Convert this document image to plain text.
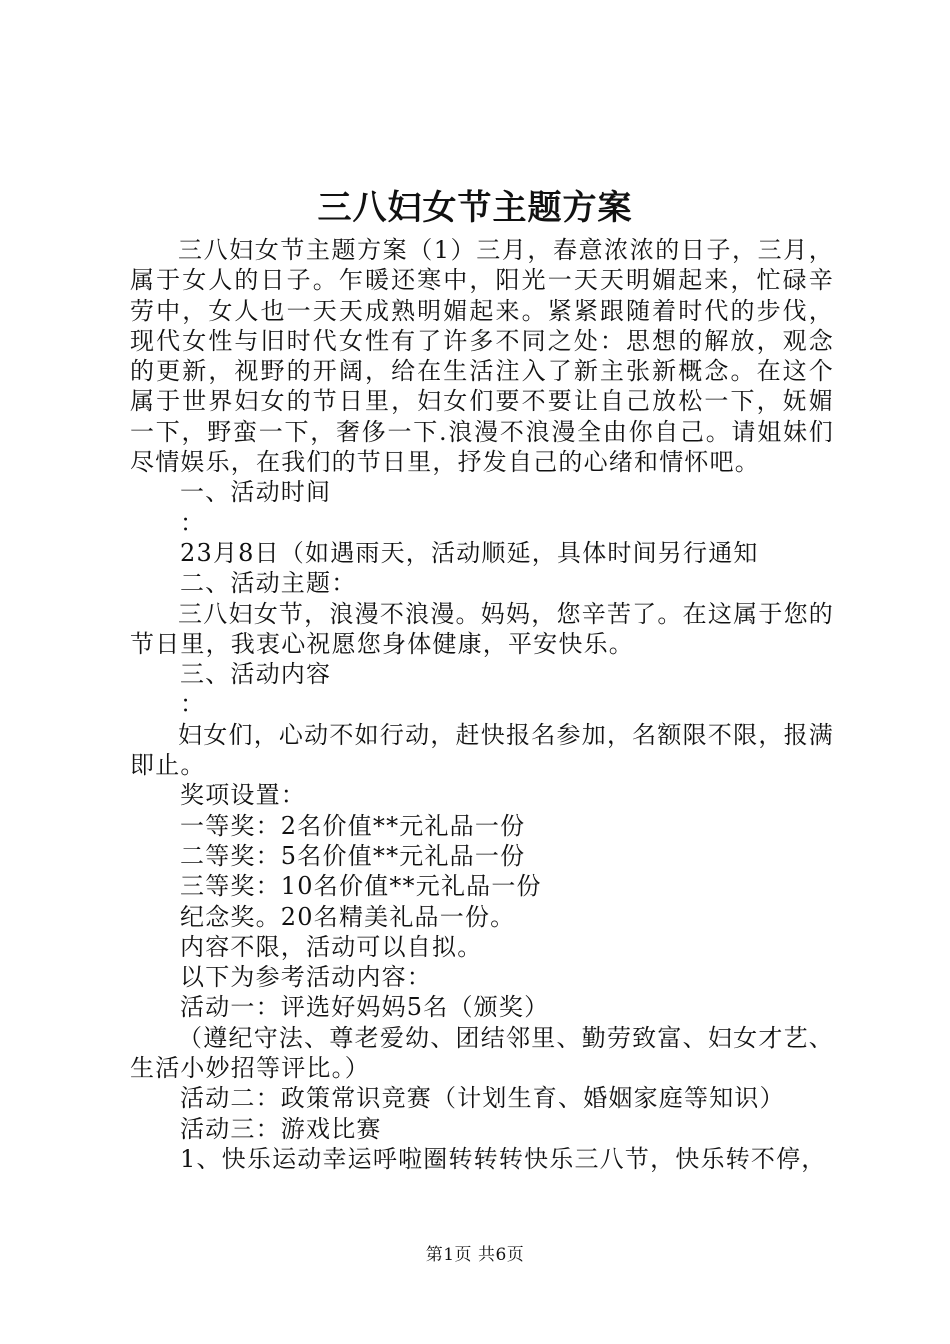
三八妇女节主题方案

三八妇女节主题方案（1）三月，春意浓浓的日子，三月，属于女人的日子。乍暖还寒中，阳光一天天明媚起来，忙碌辛劳中，女人也一天天成熟明媚起来。紧紧跟随着时代的步伐，现代女性与旧时代女性有了许多不同之处：思想的解放，观念的更新，视野的开阔，给在生活注入了新主张新概念。在这个属于世界妇女的节日里，妇女们要不要让自己放松一下，妩媚一下，野蛮一下，奢侈一下.浪漫不浪漫全由你自己。请姐妹们尽情娱乐，在我们的节日里，抒发自己的心绪和情怀吧。

一、活动时间

：

23月8日（如遇雨天，活动顺延，具体时间另行通知

二、活动主题：

三八妇女节，浪漫不浪漫。妈妈，您辛苦了。在这属于您的节日里，我衷心祝愿您身体健康，平安快乐。

三、活动内容

：

妇女们，心动不如行动，赶快报名参加，名额限不限，报满即止。

奖项设置：

一等奖：2名价值**元礼品一份

二等奖：5名价值**元礼品一份

三等奖：10名价值**元礼品一份

纪念奖。20名精美礼品一份。

内容不限，活动可以自拟。

以下为参考活动内容：

活动一：评选好妈妈5名（颁奖）

（遵纪守法、尊老爱幼、团结邻里、勤劳致富、妇女才艺、生活小妙招等评比。）

活动二：政策常识竞赛（计划生育、婚姻家庭等知识）

活动三：游戏比赛

1、快乐运动幸运呼啦圈转转转快乐三八节，快乐转不停，

第1页 共6页
